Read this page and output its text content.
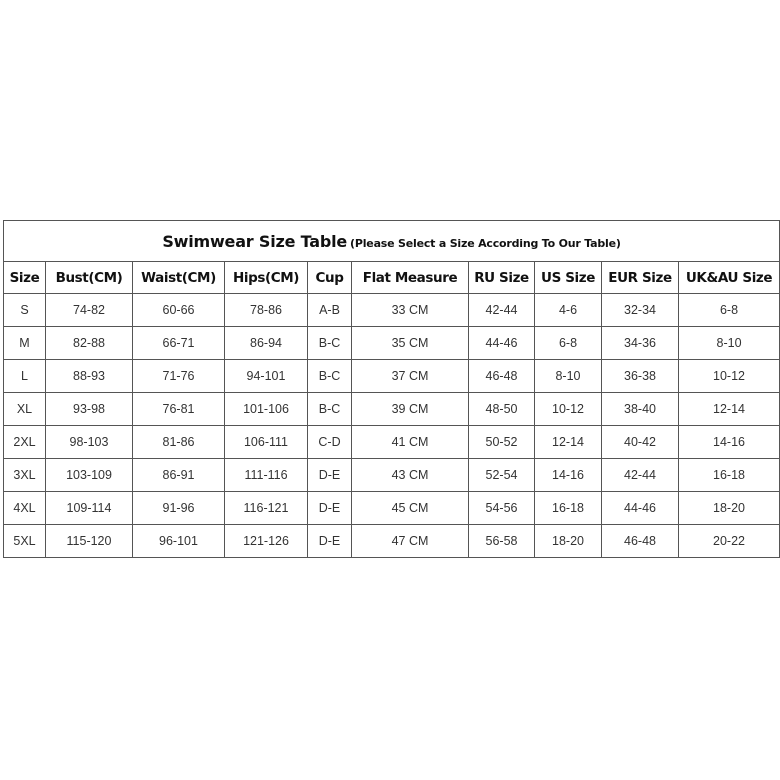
Swimwear Size Table (Please Select a Size According To Our Table)									
Size	Bust(CM)	Waist(CM)	Hips(CM)	Cup	Flat Measure	RU Size	US Size	EUR Size	UK&AU Size
S	74-82	60-66	78-86	A-B	33 CM	42-44	4-6	32-34	6-8
M	82-88	66-71	86-94	B-C	35 CM	44-46	6-8	34-36	8-10
L	88-93	71-76	94-101	B-C	37 CM	46-48	8-10	36-38	10-12
XL	93-98	76-81	101-106	B-C	39 CM	48-50	10-12	38-40	12-14
2XL	98-103	81-86	106-111	C-D	41 CM	50-52	12-14	40-42	14-16
3XL	103-109	86-91	111-116	D-E	43 CM	52-54	14-16	42-44	16-18
4XL	109-114	91-96	116-121	D-E	45 CM	54-56	16-18	44-46	18-20
5XL	115-120	96-101	121-126	D-E	47 CM	56-58	18-20	46-48	20-22
